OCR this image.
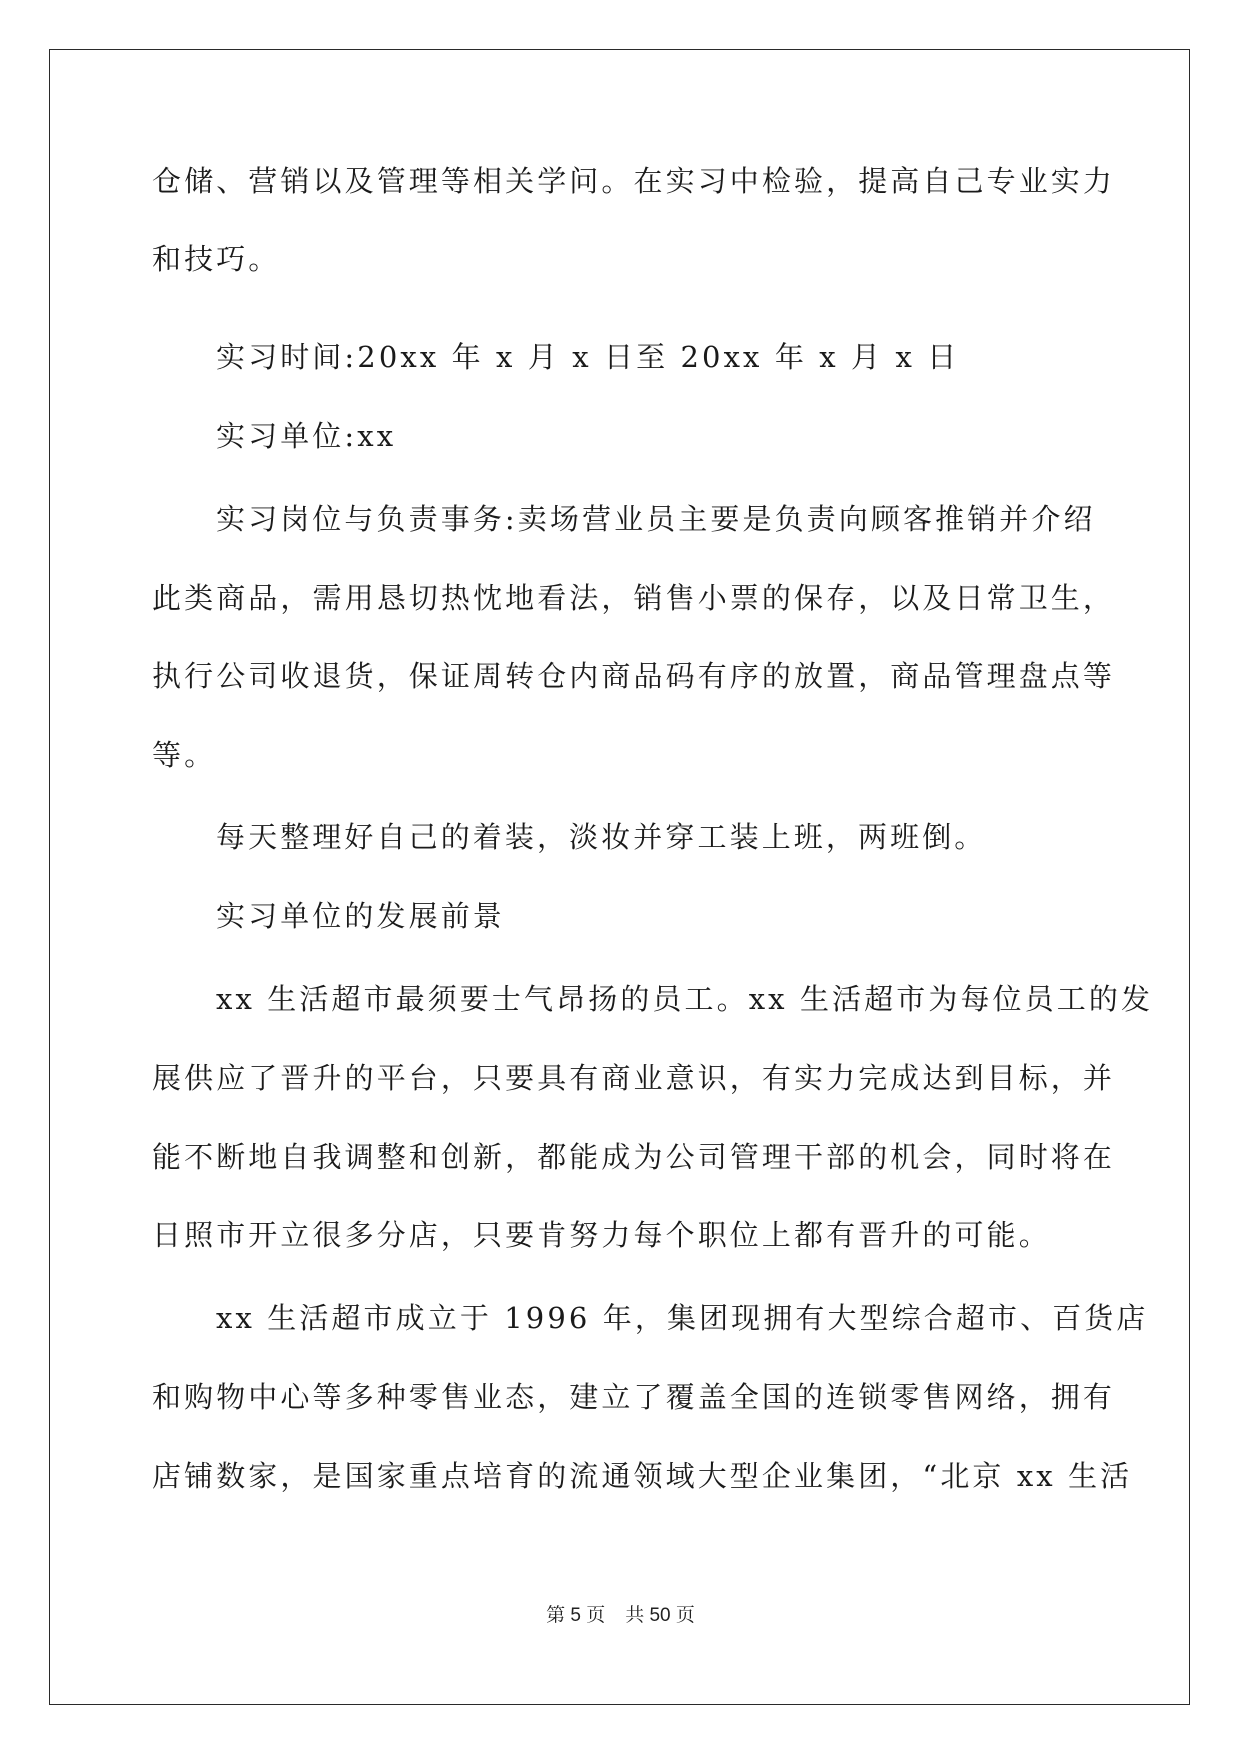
仓储、营销以及管理等相关学问。在实习中检验，提高自己专业实力
和技巧。
实习时间:20xx 年 x 月 x 日至 20xx 年 x 月 x 日
实习单位:xx
实习岗位与负责事务:卖场营业员主要是负责向顾客推销并介绍
此类商品，需用恳切热忱地看法，销售小票的保存，以及日常卫生，
执行公司收退货，保证周转仓内商品码有序的放置，商品管理盘点等
等。
每天整理好自己的着装，淡妆并穿工装上班，两班倒。
实习单位的发展前景
xx 生活超市最须要士气昂扬的员工。xx 生活超市为每位员工的发
展供应了晋升的平台，只要具有商业意识，有实力完成达到目标，并
能不断地自我调整和创新，都能成为公司管理干部的机会，同时将在
日照市开立很多分店，只要肯努力每个职位上都有晋升的可能。
xx 生活超市成立于 1996 年，集团现拥有大型综合超市、百货店
和购物中心等多种零售业态，建立了覆盖全国的连锁零售网络，拥有
店铺数家，是国家重点培育的流通领域大型企业集团，“北京 xx 生活
第 5 页 共 50 页
